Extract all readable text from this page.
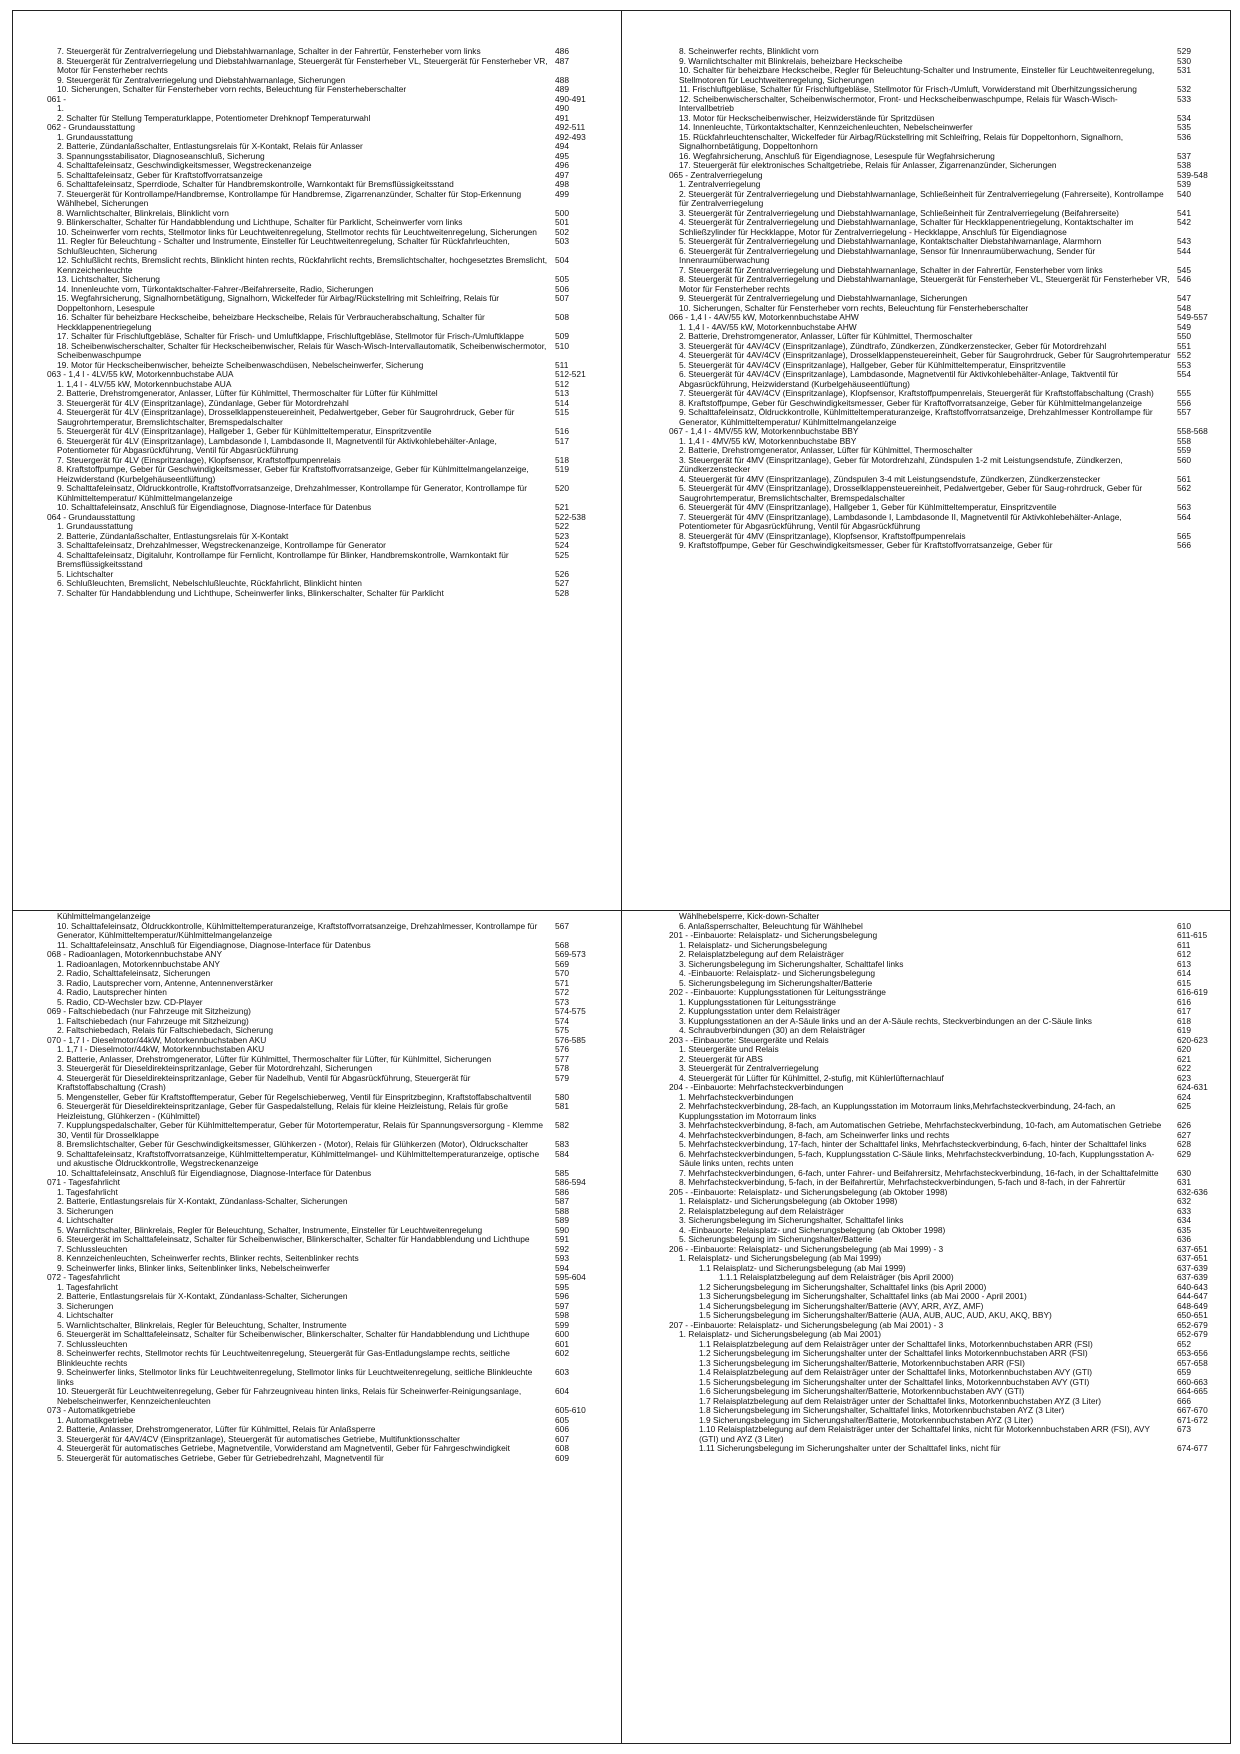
7. Steuergerät für Zentralverriegelung und Diebstahlwarnanlage, Schalter in der Fahrertür, Fensterheber vorn links	486
8. Steuergerät für Zentralverriegelung und Diebstahlwarnanlage, Steuergerät für Fensterheber VL, Steuergerät für Fensterheber VR, Motor für Fensterheber rechts
487
9. Steuergerät für Zentralverriegelung und Diebstahlwarnanlage, Sicherungen	488
10. Sicherungen, Schalter für Fensterheber vorn rechts, Beleuchtung für Fensterheberschalter	489
061 -	490-491
1.	490
2. Schalter für Stellung Temperaturklappe, Potentiometer Drehknopf Temperaturwahl	491
062 - Grundausstattung	492-511
1. Grundausstattung	492-493
2. Batterie, Zündanlaßschalter, Entlastungsrelais für X-Kontakt, Relais für Anlasser	494
3. Spannungsstabilisator, Diagnoseanschluß, Sicherung	495
4. Schalttafeleinsatz, Geschwindigkeitsmesser, Wegstreckenanzeige	496
5. Schalttafeleinsatz, Geber für Kraftstoffvorratsanzeige	497
6. Schalttafeleinsatz, Sperrdiode, Schalter für Handbremskontrolle, Warnkontakt für Bremsflüssigkeitsstand	498
7. Steuergerät für Kontrollampe/Handbremse, Kontrollampe für Handbremse, Zigarrenanzünder, Schalter für Stop-Erkennung Wählhebel, Sicherungen
499
8. Warnlichtschalter, Blinkrelais, Blinklicht vorn	500
9. Blinkerschalter, Schalter für Handabblendung und Lichthupe, Schalter für Parklicht, Scheinwerfer vorn links	501
10. Scheinwerfer vorn rechts, Stellmotor links für Leuchtweitenregelung, Stellmotor rechts für Leuchtweitenregelung, Sicherungen	502
11. Regler für Beleuchtung - Schalter und Instrumente, Einsteller für Leuchtweitenregelung, Schalter für Rückfahrleuchten, Schlußleuchten, Sicherung
503
12. Schlußlicht rechts, Bremslicht rechts, Blinklicht hinten rechts, Rückfahrlicht rechts, Bremslichtschalter, hochgesetztes Bremslicht, Kennzeichenleuchte
504
13. Lichtschalter, Sicherung	505
14. Innenleuchte vorn, Türkontaktschalter-Fahrer-/Beifahrerseite, Radio, Sicherungen	506
15. Wegfahrsicherung, Signalhornbetätigung, Signalhorn, Wickelfeder für Airbag/Rückstellring mit Schleifring, Relais für Doppeltonhorn, Lesespule
507
16. Schalter für beheizbare Heckscheibe, beheizbare Heckscheibe, Relais für Verbraucherabschaltung, Schalter für Heckklappenentriegelung
508
17. Schalter für Frischluftgebläse, Schalter für Frisch- und Umluftklappe, Frischluftgebläse, Stellmotor für Frisch-/Umluftklappe	509
18. Scheibenwischerschalter, Schalter für Heckscheibenwischer, Relais für Wasch-Wisch-Intervallautomatik, Scheibenwischermotor, Scheibenwaschpumpe
510
19. Motor für Heckscheibenwischer, beheizte Scheibenwaschdüsen, Nebelscheinwerfer, Sicherung	511
063 - 1,4 l - 4LV/55 kW, Motorkennbuchstabe AUA	512-521
1. 1,4 l - 4LV/55 kW, Motorkennbuchstabe AUA	512
2. Batterie, Drehstromgenerator, Anlasser, Lüfter für Kühlmittel, Thermoschalter für Lüfter für Kühlmittel	513
3. Steuergerät für 4LV (Einspritzanlage), Zündanlage, Geber für Motordrehzahl	514
4. Steuergerät für 4LV (Einspritzanlage), Drosselklappensteuereinheit, Pedalwertgeber, Geber für Saugrohrdruck, Geber für Saugrohrtemperatur, Bremslichtschalter, Bremspedalschalter
515
5. Steuergerät für 4LV (Einspritzanlage), Hallgeber 1, Geber für Kühlmitteltemperatur, Einspritzventile	516
6. Steuergerät für 4LV (Einspritzanlage), Lambdasonde I, Lambdasonde II, Magnetventil für Aktivkohlebehälter-Anlage, Potentiometer für Abgasrückführung, Ventil für Abgasrückführung
517
7. Steuergerät für 4LV (Einspritzanlage), Klopfsensor, Kraftstoffpumpenrelais	518
8. Kraftstoffpumpe, Geber für Geschwindigkeitsmesser, Geber für Kraftstoffvorratsanzeige, Geber für Kühlmittelmangelanzeige, Heizwiderstand (Kurbelgehäuseentlüftung)
519
9. Schalttafeleinsatz, Öldruckkontrolle, Kraftstoffvorratsanzeige, Drehzahlmesser, Kontrollampe für Generator, Kontrollampe für Kühlmitteltemperatur/ Kühlmittelmangelanzeige
520
10. Schalttafeleinsatz, Anschluß für Eigendiagnose, Diagnose-Interface für Datenbus	521
064 - Grundausstattung	522-538
1. Grundausstattung	522
2. Batterie, Zündanlaßschalter, Entlastungsrelais für X-Kontakt	523
3. Schalttafeleinsatz, Drehzahlmesser, Wegstreckenanzeige, Kontrollampe für Generator	524
4. Schalttafeleinsatz, Digitaluhr, Kontrollampe für Fernlicht, Kontrollampe für Blinker, Handbremskontrolle, Warnkontakt für Bremsflüssigkeitsstand
525
5. Lichtschalter	526
6. Schlußleuchten, Bremslicht, Nebelschlußleuchte, Rückfahrlicht, Blinklicht hinten	527
7. Schalter für Handabblendung und Lichthupe, Scheinwerfer links, Blinkerschalter, Schalter für Parklicht	528
8. Scheinwerfer rechts, Blinklicht vorn	529
9. Warnlichtschalter mit Blinkrelais, beheizbare Heckscheibe	530
10. Schalter für beheizbare Heckscheibe, Regler für Beleuchtung-Schalter und Instrumente, Einsteller für Leuchtweitenregelung, Stellmotoren für Leuchtweitenregelung, Sicherungen
531
11. Frischluftgebläse, Schalter für Frischluftgebläse, Stellmotor für Frisch-/Umluft, Vorwiderstand mit Überhitzungssicherung	532
12. Scheibenwischerschalter, Scheibenwischermotor, Front- und Heckscheibenwaschpumpe, Relais für Wasch-Wisch-Intervallbetrieb
533
13. Motor für Heckscheibenwischer, Heizwiderstände für Spritzdüsen	534
14. Innenleuchte, Türkontaktschalter, Kennzeichenleuchten, Nebelscheinwerfer	535
15. Rückfahrleuchtenschalter, Wickelfeder für Airbag/Rückstellring mit Schleifring, Relais für Doppeltonhorn, Signalhorn, Signalhornbetätigung, Doppeltonhorn
536
16. Wegfahrsicherung, Anschluß für Eigendiagnose, Lesespule für Wegfahrsicherung	537
17. Steuergerät für elektronisches Schaltgetriebe, Relais für Anlasser, Zigarrenanzünder, Sicherungen	538
065 - Zentralverriegelung	539-548
1. Zentralverriegelung	539
2. Steuergerät für Zentralverriegelung und Diebstahlwarnanlage, Schließeinheit für Zentralverriegelung (Fahrerseite), Kontrollampe für Zentralverriegelung
540
3. Steuergerät für Zentralverriegelung und Diebstahlwarnanlage, Schließeinheit für Zentralverriegelung (Beifahrerseite)	541
4. Steuergerät für Zentralverriegelung und Diebstahlwarnanlage, Schalter für Heckklappenentriegelung, Kontaktschalter im Schließzylinder für Heckklappe, Motor für Zentralverriegelung - Heckklappe, Anschluß für Eigendiagnose
542
5. Steuergerät für Zentralverriegelung und Diebstahlwarnanlage, Kontaktschalter Diebstahlwarnanlage, Alarmhorn	543
6. Steuergerät für Zentralverriegelung und Diebstahlwarnanlage, Sensor für Innenraumüberwachung, Sender für Innenraumüberwachung
544
7. Steuergerät für Zentralverriegelung und Diebstahlwarnanlage, Schalter in der Fahrertür, Fensterheber vorn links	545
8. Steuergerät für Zentralverriegelung und Diebstahlwarnanlage, Steuergerät für Fensterheber VL, Steuergerät für Fensterheber VR, Motor für Fensterheber rechts
546
9. Steuergerät für Zentralverriegelung und Diebstahlwarnanlage, Sicherungen	547
10. Sicherungen, Schalter für Fensterheber vorn rechts, Beleuchtung für Fensterheberschalter	548
066 - 1,4 l - 4AV/55 kW, Motorkennbuchstabe AHW	549-557
1. 1,4 l - 4AV/55 kW, Motorkennbuchstabe AHW	549
2. Batterie, Drehstromgenerator, Anlasser, Lüfter für Kühlmittel, Thermoschalter	550
3. Steuergerät für 4AV/4CV (Einspritzanlage), Zündtrafo, Zündkerzen, Zündkerzenstecker, Geber für Motordrehzahl	551
4. Steuergerät für 4AV/4CV (Einspritzanlage), Drosselklappensteuereinheit, Geber für Saugrohrdruck, Geber für Saugrohrtemperatur 552
5. Steuergerät für 4AV/4CV (Einspritzanlage), Hallgeber, Geber für Kühlmitteltemperatur, Einspritzventile	553
6. Steuergerät für 4AV/4CV (Einspritzanlage), Lambdasonde, Magnetventil für Aktivkohlebehälter-Anlage, Taktventil für Abgasrückführung, Heizwiderstand (Kurbelgehäuseentlüftung)
554
7. Steuergerät für 4AV/4CV (Einspritzanlage), Klopfsensor, Kraftstoffpumpenrelais, Steuergerät für Kraftstoffabschaltung (Crash)	555
8. Kraftstoffpumpe, Geber für Geschwindigkeitsmesser, Geber für Kraftoffvorratsanzeige, Geber für Kühlmittelmangelanzeige	556
9. Schalttafeleinsatz, Öldruckkontrolle, Kühlmitteltemperaturanzeige, Kraftstoffvorratsanzeige, Drehzahlmesser Kontrollampe für Generator, Kühlmitteltemperatur/ Kühlmittelmangelanzeige
557
067 - 1,4 l - 4MV/55 kW, Motorkennbuchstabe BBY	558-568
1. 1,4 l - 4MV/55 kW, Motorkennbuchstabe BBY	558
2. Batterie, Drehstromgenerator, Anlasser, Lüfter für Kühlmittel, Thermoschalter	559
3. Steuergerät für 4MV (Einspritzanlage), Geber für Motordrehzahl, Zündspulen 1-2 mit Leistungsendstufe, Zündkerzen, Zündkerzenstecker
560
4. Steuergerät für 4MV (Einspritzanlage), Zündspulen 3-4 mit Leistungsendstufe, Zündkerzen, Zündkerzenstecker	561
5. Steuergerät für 4MV (Einspritzanlage), Drosselklappensteuereinheit, Pedalwertgeber, Geber für Saug-rohrdruck, Geber für Saugrohrtemperatur, Bremslichtschalter, Bremspedalschalter
562
6. Steuergerät für 4MV (Einspritzanlage), Hallgeber 1, Geber für Kühlmitteltemperatur, Einspritzventile	563
7. Steuergerät für 4MV (Einspritzanlage), Lambdasonde I, Lambdasonde II, Magnetventil für Aktivkohlebehälter-Anlage, Potentiometer für Abgasrückführung, Ventil für Abgasrückführung
564
8. Steuergerät für 4MV (Einspritzanlage), Klopfsensor, Kraftstoffpumpenrelais	565
9. Kraftstoffpumpe, Geber für Geschwindigkeitsmesser, Geber für Kraftstoffvorratsanzeige, Geber für	566
Kühlmittelmangelanzeige
10. Schalttafeleinsatz, Öldruckkontrolle, Kühlmitteltemperaturanzeige, Kraftstoffvorratsanzeige, Drehzahlmesser, Kontrollampe für Generator, Kühlmitteltemperatur/Kühlmittelmangelanzeige
567
11. Schalttafeleinsatz, Anschluß für Eigendiagnose, Diagnose-Interface für Datenbus	568
068 - Radioanlagen, Motorkennbuchstabe ANY	569-573
1. Radioanlagen, Motorkennbuchstabe ANY	569
2. Radio, Schalttafeleinsatz, Sicherungen	570
3. Radio, Lautsprecher vorn, Antenne, Antennenverstärker	571
4. Radio, Lautsprecher hinten	572
5. Radio, CD-Wechsler bzw. CD-Player	573
069 - Faltschiebedach (nur Fahrzeuge mit Sitzheizung)	574-575
1. Faltschiebedach (nur Fahrzeuge mit Sitzheizung)	574
2. Faltschiebedach, Relais für Faltschiebedach, Sicherung	575
070 - 1,7 l - Dieselmotor/44kW, Motorkennbuchstaben AKU	576-585
1. 1,7 l - Dieselmotor/44kW, Motorkennbuchstaben AKU	576
2. Batterie, Anlasser, Drehstromgenerator, Lüfter für Kühlmittel, Thermoschalter für Lüfter, für Kühlmittel, Sicherungen	577
3. Steuergerät für Dieseldirekteinspritzanlage, Geber für Motordrehzahl, Sicherungen	578
4. Steuergerät für Dieseldirekteinspritzanlage, Geber für Nadelhub, Ventil für Abgasrückführung, Steuergerät für Kraftstoffabschaltung (Crash)
579
5. Mengensteller, Geber für Kraftstofftemperatur, Geber für Regelschieberweg, Ventil für Einspritzbeginn, Kraftstoffabschaltventil	580
6. Steuergerät für Dieseldirekteinspritzanlage, Geber für Gaspedalstellung, Relais für kleine Heizleistung, Relais für große Heizleistung, Glühkerzen - (Kühlmittel)
581
7. Kupplungspedalschalter, Geber für Kühlmitteltemperatur, Geber für Motortemperatur, Relais für Spannungsversorgung - Klemme 30, Ventil für Drosselklappe
582
8. Bremslichtschalter, Geber für Geschwindigkeitsmesser, Glühkerzen - (Motor), Relais für Glühkerzen (Motor), Öldruckschalter	583
9. Schalttafeleinsatz, Kraftstoffvorratsanzeige, Kühlmitteltemperatur, Kühlmittelmangel- und Kühlmitteltemperaturanzeige, optische und akustische Öldruckkontrolle, Wegstreckenanzeige
584
10. Schalttafeleinsatz, Anschluß für Eigendiagnose, Diagnose-Interface für Datenbus	585
071 - Tagesfahrlicht	586-594
1. Tagesfahrlicht	586
2. Batterie, Entlastungsrelais für X-Kontakt, Zündanlass-Schalter, Sicherungen	587
3. Sicherungen	588
4. Lichtschalter	589
5. Warnlichtschalter, Blinkrelais, Regler für Beleuchtung, Schalter, Instrumente, Einsteller für Leuchtweitenregelung	590
6. Steuergerät im Schalttafeleinsatz, Schalter für Scheibenwischer, Blinkerschalter, Schalter für Handabblendung und Lichthupe	591
7. Schlussleuchten	592
8. Kennzeichenleuchten, Scheinwerfer rechts, Blinker rechts, Seitenblinker rechts	593
9. Scheinwerfer links, Blinker links, Seitenblinker links, Nebelscheinwerfer	594
072 - Tagesfahrlicht	595-604
1. Tagesfahrlicht	595
2. Batterie, Entlastungsrelais für X-Kontakt, Zündanlass-Schalter, Sicherungen	596
3. Sicherungen	597
4. Lichtschalter	598
5. Warnlichtschalter, Blinkrelais, Regler für Beleuchtung, Schalter, Instrumente	599
6. Steuergerät im Schalttafeleinsatz, Schalter für Scheibenwischer, Blinkerschalter, Schalter für Handabblendung und Lichthupe	600
7. Schlussleuchten	601
8. Scheinwerfer rechts, Stellmotor rechts für Leuchtweitenregelung, Steuergerät für Gas-Entladungslampe rechts, seitliche Blinkleuchte rechts
602
9. Scheinwerfer links, Stellmotor links für Leuchtweitenregelung, Stellmotor links für Leuchtweitenregelung, seitliche Blinkleuchte links
603
10. Steuergerät für Leuchtweitenregelung, Geber für Fahrzeugniveau hinten links, Relais für Scheinwerfer-Reinigungsanlage, Nebelscheinwerfer, Kennzeichenleuchten
604
073 - Automatikgetriebe	605-610
1. Automatikgetriebe	605
2. Batterie, Anlasser, Drehstromgenerator, Lüfter für Kühlmittel, Relais für Anlaßsperre	606
3. Steuergerät für 4AV/4CV (Einspritzanlage), Steuergerät für automatisches Getriebe, Multifunktionsschalter	607
4. Steuergerät für automatisches Getriebe, Magnetventile, Vorwiderstand am Magnetventil, Geber für Fahrgeschwindigkeit	608
5. Steuergerät für automatisches Getriebe, Geber für Getriebedrehzahl, Magnetventil für	609
Wählhebelsperre, Kick-down-Schalter
6. Anlaßsperrschalter, Beleuchtung für Wählhebel	610
201 - -Einbauorte: Relaisplatz- und Sicherungsbelegung	611-615
1. Relaisplatz- und Sicherungsbelegung	611
2. Relaisplatzbelegung auf dem Relaisträger	612
3. Sicherungsbelegung im Sicherungshalter, Schalttafel links	613
4. -Einbauorte: Relaisplatz- und Sicherungsbelegung	614
5. Sicherungsbelegung im Sicherungshalter/Batterie	615
202 - -Einbauorte: Kupplungsstationen für Leitungsstränge	616-619
1. Kupplungsstationen für Leitungsstränge	616
2. Kupplungsstation unter dem Relaisträger	617
3. Kupplungsstationen an der A-Säule links und an der A-Säule rechts, Steckverbindungen an der C-Säule links	618
4. Schraubverbindungen (30) an dem Relaisträger	619
203 - -Einbauorte: Steuergeräte und Relais	620-623
1. Steuergeräte und Relais	620
2. Steuergerät für ABS	621
3. Steuergerät für Zentralverriegelung	622
4. Steuergerät für Lüfter für Kühlmittel, 2-stufig, mit Kühlerlüfternachlauf	623
204 - -Einbauorte: Mehrfachsteckverbindungen	624-631
1. Mehrfachsteckverbindungen	624
2. Mehrfachsteckverbindung, 28-fach, an Kupplungsstation im Motorraum links,Mehrfachsteckverbindung, 24-fach, an Kupplungsstation im Motorraum links
625
3. Mehrfachsteckverbindung, 8-fach, am Automatischen Getriebe, Mehrfachsteckverbindung, 10-fach, am Automatischen Getriebe	626
4. Mehrfachsteckverbindungen, 8-fach, am Scheinwerfer links und rechts	627
5. Mehrfachsteckverbindung, 17-fach, hinter der Schalttafel links, Mehrfachsteckverbindung, 6-fach, hinter der Schalttafel links	628
6. Mehrfachsteckverbindungen, 5-fach, Kupplungsstation C-Säule links, Mehrfachsteckverbindung, 10-fach, Kupplungsstation A-Säule links unten, rechts unten
629
7. Mehrfachsteckverbindungen, 6-fach, unter Fahrer- und Beifahrersitz, Mehrfachsteckverbindung, 16-fach, in der Schalttafelmitte	630
8. Mehrfachsteckverbindung, 5-fach, in der Beifahrertür, Mehrfachsteckverbindungen, 5-fach und 8-fach, in der Fahrertür	631
205 - -Einbauorte: Relaisplatz- und Sicherungsbelegung (ab Oktober 1998)	632-636
1. Relaisplatz- und Sicherungsbelegung (ab Oktober 1998)	632
2. Relaisplatzbelegung auf dem Relaisträger	633
3. Sicherungsbelegung im Sicherungshalter, Schalttafel links	634
4. -Einbauorte: Relaisplatz- und Sicherungsbelegung (ab Oktober 1998)	635
5. Sicherungsbelegung im Sicherungshalter/Batterie	636
206 - -Einbauorte: Relaisplatz- und Sicherungsbelegung (ab Mai 1999) - 3	637-651
1. Relaisplatz- und Sicherungsbelegung (ab Mai 1999)	637-651
1.1 Relaisplatz- und Sicherungsbelegung (ab Mai 1999)	637-639
1.1.1 Relaisplatzbelegung auf dem Relaisträger (bis April 2000)	637-639
1.2 Sicherungsbelegung im Sicherungshalter, Schalttafel links (bis April 2000)	640-643
1.3 Sicherungsbelegung im Sicherungshalter, Schalttafel links (ab Mai 2000 - April 2001)	644-647
1.4 Sicherungsbelegung im Sicherungshalter/Batterie (AVY, ARR, AYZ, AMF)	648-649
1.5 Sicherungsbelegung im Sicherungshalter/Batterie (AUA, AUB, AUC, AUD, AKU, AKQ, BBY)	650-651
207 - -Einbauorte: Relaisplatz- und Sicherungsbelegung (ab Mai 2001) - 3	652-679
1. Relaisplatz- und Sicherungsbelegung (ab Mai 2001)	652-679
1.1 Relaisplatzbelegung auf dem Relaisträger unter der Schalttafel links, Motorkennbuchstaben ARR (FSI)	652
1.2 Sicherungsbelegung im Sicherungshalter unter der Schalttafel links Motorkennbuchstaben ARR (FSI)	653-656
1.3 Sicherungsbelegung im Sicherungshalter/Batterie, Motorkennbuchstaben ARR (FSI)	657-658
1.4 Relaisplatzbelegung auf dem Relaisträger unter der Schalttafel links, Motorkennbuchstaben AVY (GTI)	659
1.5 Sicherungsbelegung im Sicherungshalter unter der Schalttafel links, Motorkennbuchstaben AVY (GTI)	660-663
1.6 Sicherungsbelegung im Sicherungshalter/Batterie, Motorkennbuchstaben AVY (GTI)	664-665
1.7 Relaisplatzbelegung auf dem Relaisträger unter der Schalttafel links, Motorkennbuchstaben AYZ (3 Liter)	666
1.8 Sicherungsbelegung im Sicherungshalter, Schalttafel links, Motorkennbuchstaben AYZ (3 Liter)	667-670
1.9 Sicherungsbelegung im Sicherungshalter/Batterie, Motorkennbuchstaben AYZ (3 Liter)	671-672
1.10 Relaisplatzbelegung auf dem Relaisträger unter der Schalttafel links, nicht für Motorkennbuchstaben ARR (FSI), AVY (GTI) und AYZ (3 Liter)
673
1.11 Sicherungsbelegung im Sicherungshalter unter der Schalttafel links, nicht für	674-677
